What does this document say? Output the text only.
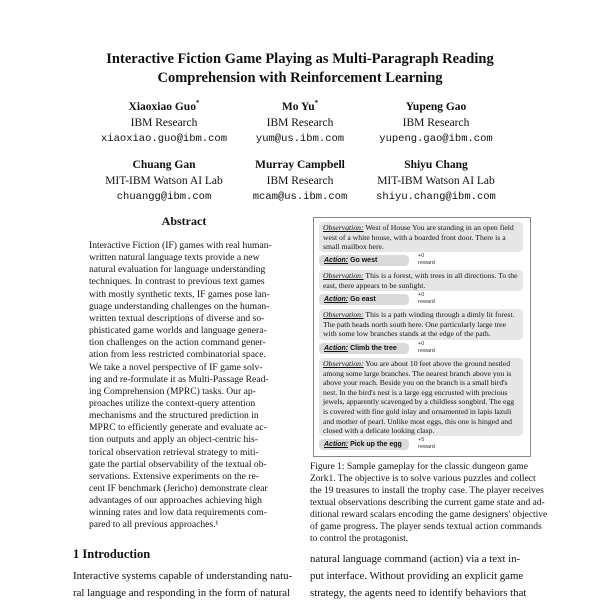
Interactive Fiction Game Playing as Multi-Paragraph Reading
Comprehension with Reinforcement Learning
Xiaoxiao Guo*
IBM Research
xiaoxiao.guo@ibm.com
Mo Yu*
IBM Research
yum@us.ibm.com
Yupeng Gao
IBM Research
yupeng.gao@ibm.com
Chuang Gan
MIT-IBM Watson AI Lab
chuangg@ibm.com
Murray Campbell
IBM Research
mcam@us.ibm.com
Shiyu Chang
MIT-IBM Watson AI Lab
shiyu.chang@ibm.com
Abstract
Interactive Fiction (IF) games with real human-
written natural language texts provide a new
natural evaluation for language understanding
techniques. In contrast to previous text games
with mostly synthetic texts, IF games pose lan-
guage understanding challenges on the human-
written textual descriptions of diverse and so-
phisticated game worlds and language genera-
tion challenges on the action command gener-
ation from less restricted combinatorial space.
We take a novel perspective of IF game solv-
ing and re-formulate it as Multi-Passage Read-
ing Comprehension (MPRC) tasks. Our ap-
proaches utilize the context-query attention
mechanisms and the structured prediction in
MPRC to efficiently generate and evaluate ac-
tion outputs and apply an object-centric his-
torical observation retrieval strategy to miti-
gate the partial observability of the textual ob-
servations. Extensive experiments on the re-
cent IF benchmark (Jericho) demonstrate clear
advantages of our approaches achieving high
winning rates and low data requirements com-
pared to all previous approaches.¹
Observation: West of House You are standing in an open field west of a white house, with a boarded front door. There is a small mailbox here.
Action: Go west
+0
reward
Observation: This is a forest, with trees in all directions. To the east, there appears to be sunlight.
Action: Go east
+0
reward
Observation: This is a path winding through a dimly lit forest. The path heads north south here. One particularly large tree with some low branches stands at the edge of the path.
Action: Climb the tree
+0
reward
Observation: You are about 10 feet above the ground nestled among some large branches. The nearest branch above you is above your reach. Beside you on the branch is a small bird's nest. In the bird's nest is a large egg encrusted with precious jewels, apparently scavenged by a childless songbird. The egg is covered with fine gold inlay and ornamented in lapis lazuli and mother of pearl. Unlike most eggs, this one is hinged and closed with a delicate looking clasp.
Action: Pick up the egg
+5
reward
Figure 1: Sample gameplay for the classic dungeon game
Zork1. The objective is to solve various puzzles and collect
the 19 treasures to install the trophy case. The player receives
textual observations describing the current game state and ad-
ditional reward scalars encoding the game designers' objective
of game progress. The player sends textual action commands
to control the protagonist.
1 Introduction
Interactive systems capable of understanding natu-
ral language and responding in the form of natural
natural language command (action) via a text in-
put interface. Without providing an explicit game
strategy, the agents need to identify behaviors that
